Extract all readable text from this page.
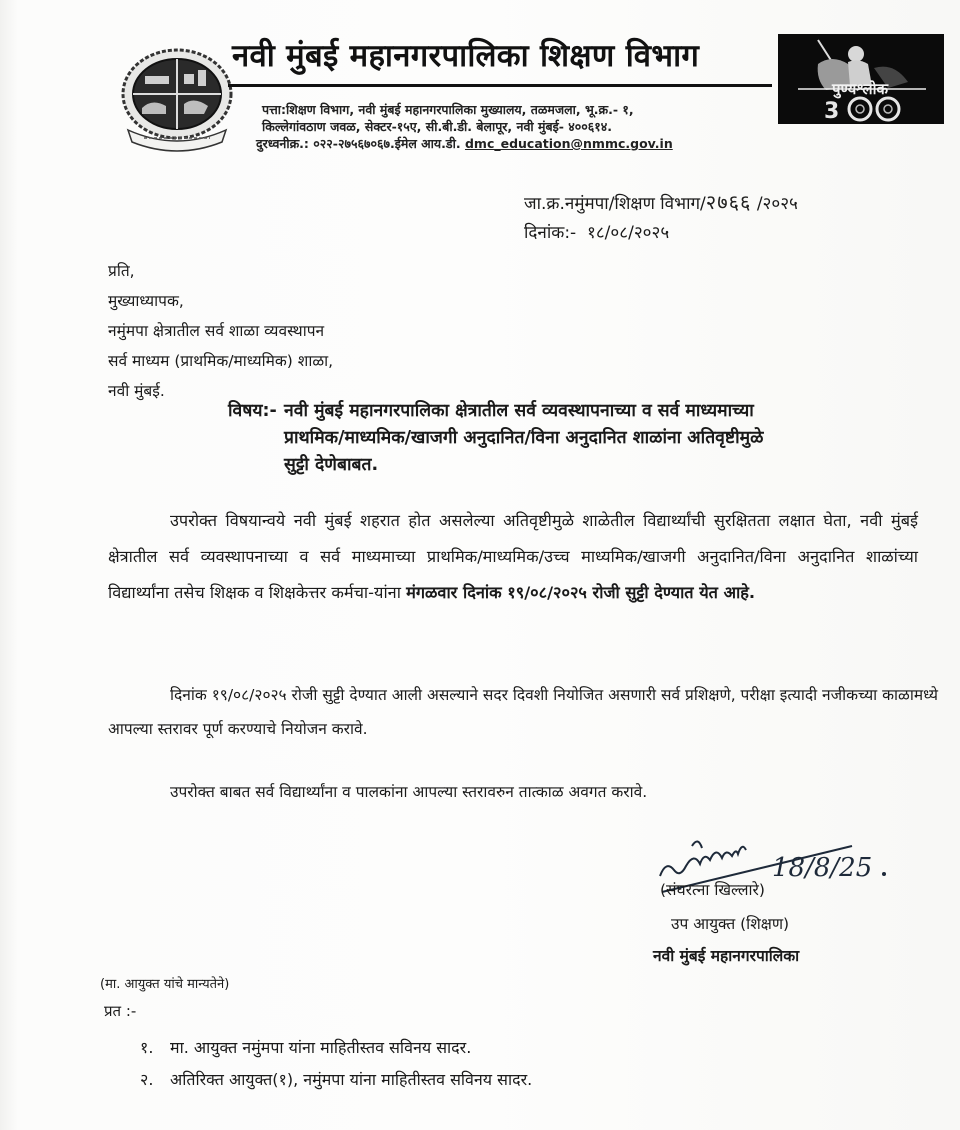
नवी मुंबई महानगरपालिका शिक्षण विभाग
पत्ता:शिक्षण विभाग, नवी मुंबई महानगरपालिका मुख्यालय, तळमजला, भू.क्र.- १,
किल्लेगांवठाण जवळ, सेक्टर-१५ए, सी.बी.डी. बेलापूर, नवी मुंबई- ४००६१४.
दुरध्वनीक्र.: ०२२-२७५६७०६७.ईमेल आय.डी. dmc_education@nmmc.gov.in
पुण्यश्लोक
3
जा.क्र.नमुंमपा/शिक्षण विभाग/२७६६ /२०२५
दिनांक:- १८/०८/२०२५
प्रति,
मुख्याध्यापक,
नमुंमपा क्षेत्रातील सर्व शाळा व्यवस्थापन
सर्व माध्यम (प्राथमिक/माध्यमिक) शाळा,
नवी मुंबई.
विषय:- नवी मुंबई महानगरपालिका क्षेत्रातील सर्व व्यवस्थापनाच्या व सर्व माध्यमाच्या
प्राथमिक/माध्यमिक/खाजगी अनुदानित/विना अनुदानित शाळांना अतिवृष्टीमुळे
सुट्टी देणेबाबत.
उपरोक्त विषयान्वये नवी मुंबई शहरात होत असलेल्या अतिवृष्टीमुळे शाळेतील विद्यार्थ्यांची सुरक्षितता लक्षात घेता, नवी मुंबई क्षेत्रातील सर्व व्यवस्थापनाच्या व सर्व माध्यमाच्या प्राथमिक/माध्यमिक/उच्च माध्यमिक/खाजगी अनुदानित/विना अनुदानित शाळांच्या विद्यार्थ्यांना तसेच शिक्षक व शिक्षकेत्तर कर्मचा-यांना मंगळवार दिनांक १९/०८/२०२५ रोजी सुट्टी देण्यात येत आहे.
दिनांक १९/०८/२०२५ रोजी सुट्टी देण्यात आली असल्याने सदर दिवशी नियोजित असणारी सर्व प्रशिक्षणे, परीक्षा इत्यादी नजीकच्या काळामध्ये आपल्या स्तरावर पूर्ण करण्याचे नियोजन करावे.
उपरोक्त बाबत सर्व विद्यार्थ्यांना व पालकांना आपल्या स्तरावरुन तात्काळ अवगत करावे.
18/8/25
(संघरत्ना खिल्लारे)
उप आयुक्त (शिक्षण)
नवी मुंबई महानगरपालिका
(मा. आयुक्त यांचे मान्यतेने)
प्रत :-
१. मा. आयुक्त नमुंमपा यांना माहितीस्तव सविनय सादर.
२. अतिरिक्त आयुक्त(१), नमुंमपा यांना माहितीस्तव सविनय सादर.
